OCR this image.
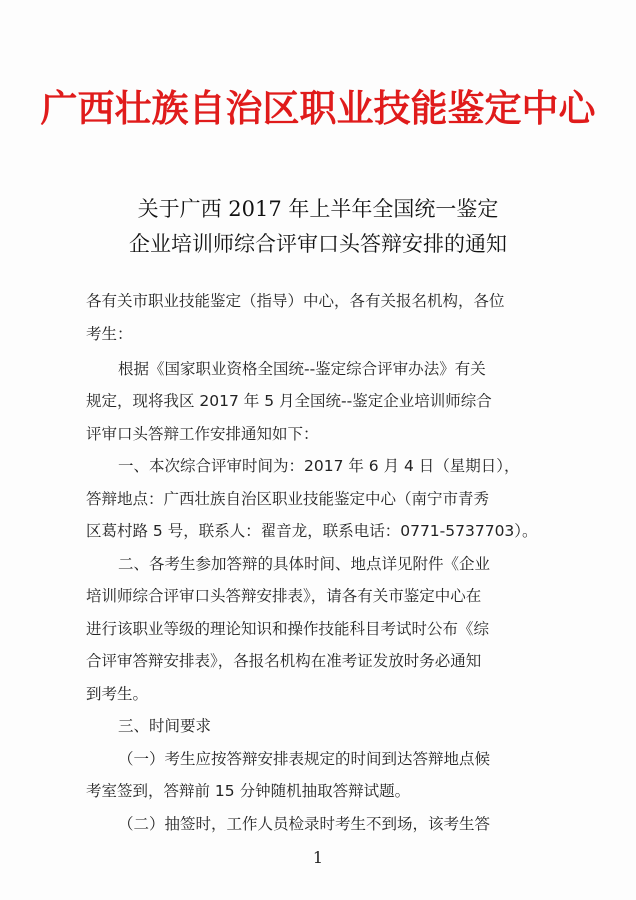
广西壮族自治区职业技能鉴定中心
关于广西 2017 年上半年全国统一鉴定
企业培训师综合评审口头答辩安排的通知
各有关市职业技能鉴定（指导）中心，各有关报名机构，各位
考生：
根据《国家职业资格全国统--鉴定综合评审办法》有关
规定，现将我区 2017 年 5 月全国统--鉴定企业培训师综合
评审口头答辩工作安排通知如下：
一、本次综合评审时间为：2017 年 6 月 4 日（星期日），
答辩地点：广西壮族自治区职业技能鉴定中心（南宁市青秀
区葛村路 5 号，联系人：翟音龙，联系电话：0771-5737703）。
二、各考生参加答辩的具体时间、地点详见附件《企业
培训师综合评审口头答辩安排表》，请各有关市鉴定中心在
进行该职业等级的理论知识和操作技能科目考试时公布《综
合评审答辩安排表》，各报名机构在准考证发放时务必通知
到考生。
三、时间要求
（一）考生应按答辩安排表规定的时间到达答辩地点候
考室签到，答辩前 15 分钟随机抽取答辩试题。
（二）抽签时，工作人员检录时考生不到场，该考生答
1
